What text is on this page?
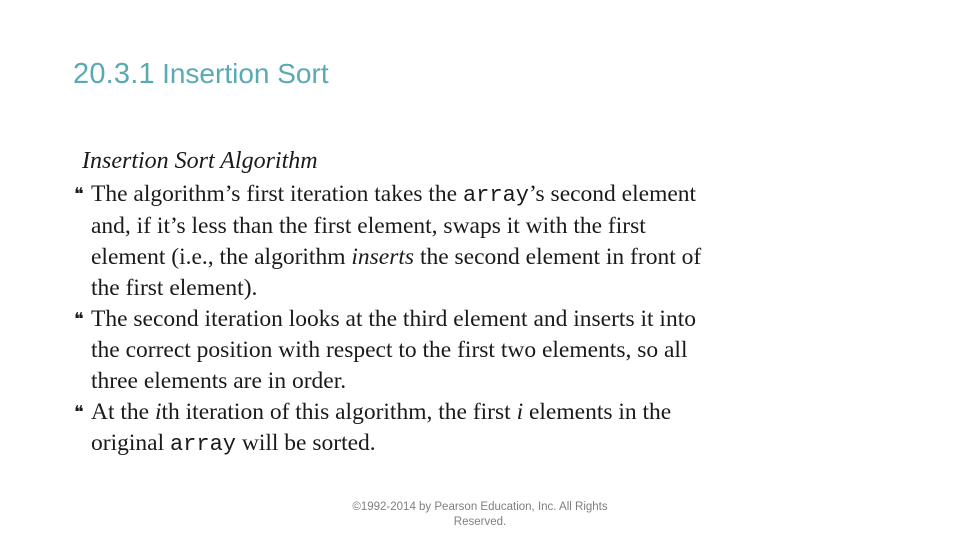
20.3.1 Insertion Sort
Insertion Sort Algorithm
❝ The algorithm’s first iteration takes the array’s second element
and, if it’s less than the first element, swaps it with the first
element (i.e., the algorithm inserts the second element in front of
the first element).
❝ The second iteration looks at the third element and inserts it into
the correct position with respect to the first two elements, so all
three elements are in order.
❝ At the ith iteration of this algorithm, the first i elements in the
original array will be sorted.
©1992-2014 by Pearson Education, Inc. All Rights
Reserved.
